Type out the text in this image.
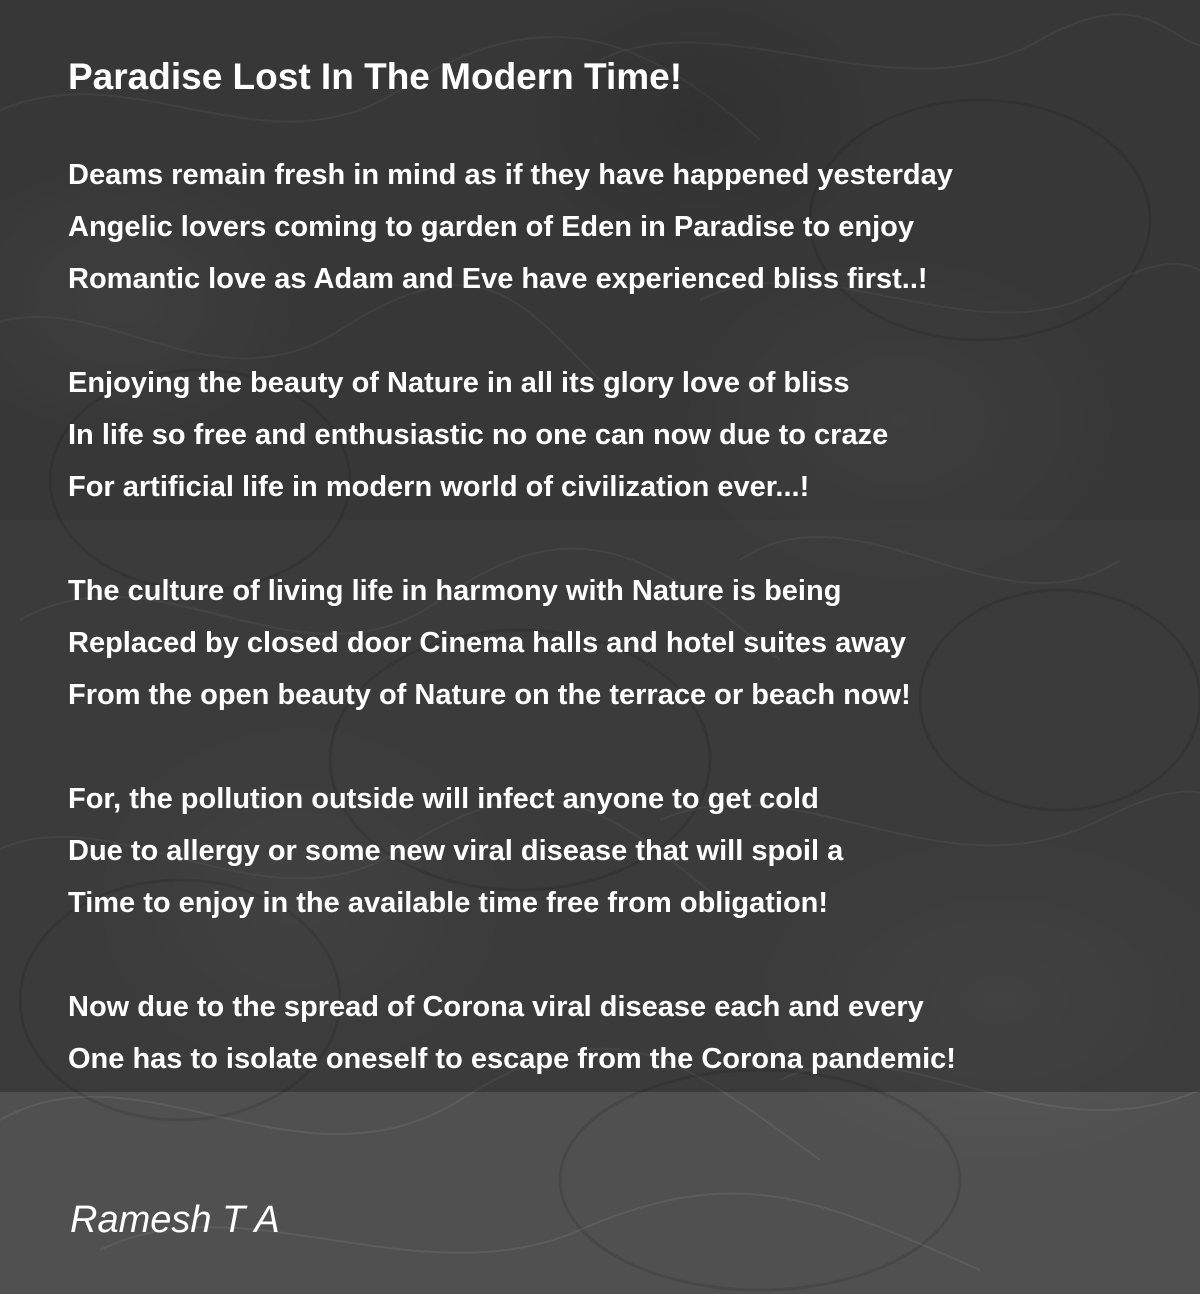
Paradise Lost In The Modern Time!
Deams remain fresh in mind as if they have happened yesterday
Angelic lovers coming to garden of Eden in Paradise to enjoy
Romantic love as Adam and Eve have experienced bliss first..!
Enjoying the beauty of Nature in all its glory love of bliss
In life so free and enthusiastic no one can now due to craze
For artificial life in modern world of civilization ever...!
The culture of living life in harmony with Nature is being
Replaced by closed door Cinema halls and hotel suites away
From the open beauty of Nature on the terrace or beach now!
For, the pollution outside will infect anyone to get cold
Due to allergy or some new viral disease that will spoil a
Time to enjoy in the available time free from obligation!
Now due to the spread of Corona viral disease each and every
One has to isolate oneself to escape from the Corona pandemic!

Ramesh T A
